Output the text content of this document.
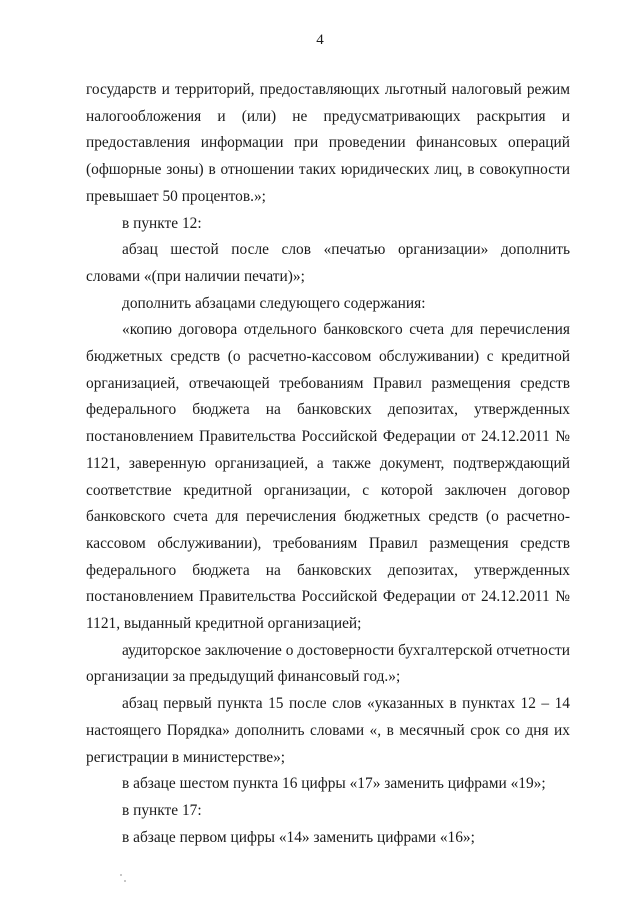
4

государств и территорий, предоставляющих льготный налоговый режим налогообложения и (или) не предусматривающих раскрытия и предоставления информации при проведении финансовых операций (офшорные зоны) в отношении таких юридических лиц, в совокупности превышает 50 процентов.»;

в пункте 12:

абзац шестой после слов «печатью организации» дополнить словами «(при наличии печати)»;

дополнить абзацами следующего содержания:

«копию договора отдельного банковского счета для перечисления бюджетных средств (о расчетно-кассовом обслуживании) с кредитной организацией, отвечающей требованиям Правил размещения средств федерального бюджета на банковских депозитах, утвержденных постановлением Правительства Российской Федерации от 24.12.2011 № 1121, заверенную организацией, а также документ, подтверждающий соответствие кредитной организации, с которой заключен договор банковского счета для перечисления бюджетных средств (о расчетно-кассовом обслуживании), требованиям Правил размещения средств федерального бюджета на банковских депозитах, утвержденных постановлением Правительства Российской Федерации от 24.12.2011 № 1121, выданный кредитной организацией;

аудиторское заключение о достоверности бухгалтерской отчетности организации за предыдущий финансовый год.»;

абзац первый пункта 15 после слов «указанных в пунктах 12 – 14 настоящего Порядка» дополнить словами «, в месячный срок со дня их регистрации в министерстве»;

в абзаце шестом пункта 16 цифры «17» заменить цифрами «19»;

в пункте 17:

в абзаце первом цифры «14» заменить цифрами «16»;
